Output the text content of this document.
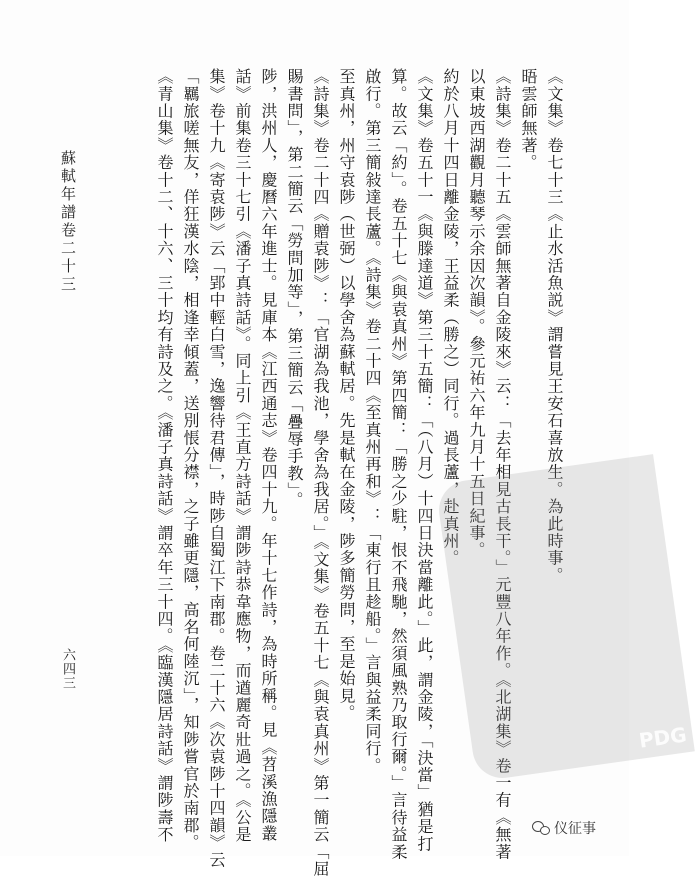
《文集》卷七十三《止水活魚説》謂嘗見王安石喜放生。為此時事。
晤雲師無著。
《詩集》卷二十五《雲師無著自金陵來》云：「去年相見古長干。」元豐八年作。《北湖集》卷一有《無著
以東坡西湖觀月聽琴示余因次韻》。參元祐六年九月十五日紀事。
約於八月十四日離金陵，王益柔（勝之）同行。過長蘆，赴真州。
《文集》卷五十一《與滕達道》第三十五簡：「（八月）十四日決當離此。」此，謂金陵，「決當」猶是打
算。故云「約」。卷五十七《與袁真州》第四簡：「勝之少駐，恨不飛馳，然須風熟乃取行爾。」言待益柔
啟行。第三簡敍達長蘆。《詩集》卷二十四《至真州再和》：「東行且趁船。」言與益柔同行。
至真州，州守袁陟（世弼）以學舍為蘇軾居。先是軾在金陵，陟多簡勞問，至是始見。
《詩集》卷二十四《贈袁陟》：「官湖為我池，學舍為我居。」《文集》卷五十七《與袁真州》第一簡云「屈
賜書問」，第二簡云「勞問加等」，第三簡云「疊辱手教」。
陟，洪州人，慶曆六年進士。見庫本《江西通志》卷四十九。年十七作詩，為時所稱。見《苕溪漁隱叢
話》前集卷三十七引《潘子真詩話》。同上引《王直方詩話》謂陟詩恭韋應物，而遒麗奇壯過之。《公是
集》卷十九《寄袁陟》云「郢中輕白雪，逸響待君傳」，時陟自蜀江下南郡。卷二十六《次袁陟十四韻》云
「羈旅嗟無友，佯狂漢水陰，相逢幸傾蓋，送別悵分襟，之子雖更隱，高名何陸沉」，知陟嘗官於南郡。
《青山集》卷十二、十六、三十均有詩及之。《潘子真詩話》謂卒年三十四。《臨漢隱居詩話》謂陟壽不
蘇軾年譜卷二十三
六四三
PDG
仪征事
